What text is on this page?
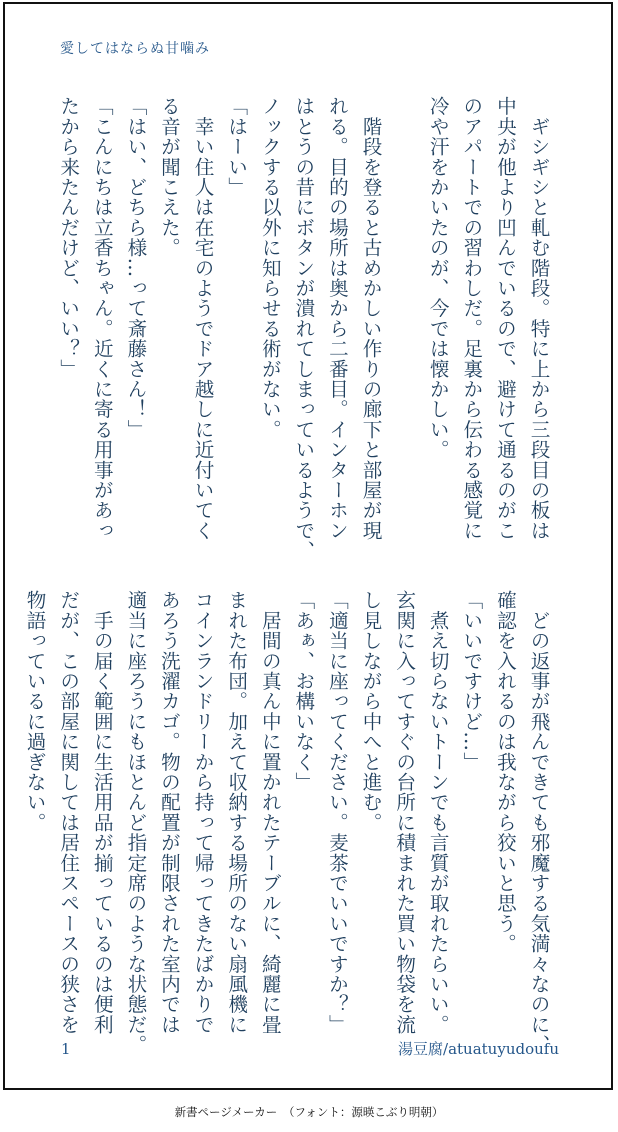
愛してはならぬ甘噛み
　ギシギシと軋む階段。特に上から三段目の板は
中央が他より凹んでいるので、避けて通るのがこ
のアパートでの習わしだ。足裏から伝わる感覚に
冷や汗をかいたのが、今では懐かしい。

　階段を登ると古めかしい作りの廊下と部屋が現
れる。目的の場所は奥から二番目。インターホン
はとうの昔にボタンが潰れてしまっているようで、
ノックする以外に知らせる術がない。
「はーい」
　幸い住人は在宅のようでドア越しに近付いてく
る音が聞こえた。
「はい、どちら様…って斎藤さん！」
「こんにちは立香ちゃん。近くに寄る用事があっ
たから来たんだけど、いい？」
　どの返事が飛んできても邪魔する気満々なのに、
確認を入れるのは我ながら狡いと思う。
「いいですけど…」
　煮え切らないトーンでも言質が取れたらいい。
玄関に入ってすぐの台所に積まれた買い物袋を流
し見しながら中へと進む。
「適当に座ってください。麦茶でいいですか？」
「あぁ、お構いなく」
　居間の真ん中に置かれたテーブルに、綺麗に畳
まれた布団。加えて収納する場所のない扇風機に
コインランドリーから持って帰ってきたばかりで
あろう洗濯カゴ。物の配置が制限された室内では
適当に座ろうにもほとんど指定席のような状態だ。
　手の届く範囲に生活用品が揃っているのは便利
だが、この部屋に関しては居住スペースの狭さを
物語っているに過ぎない。
1	湯豆腐/atuatuyudoufu
新書ページメーカー　（フォント：源暎こぶり明朝）
